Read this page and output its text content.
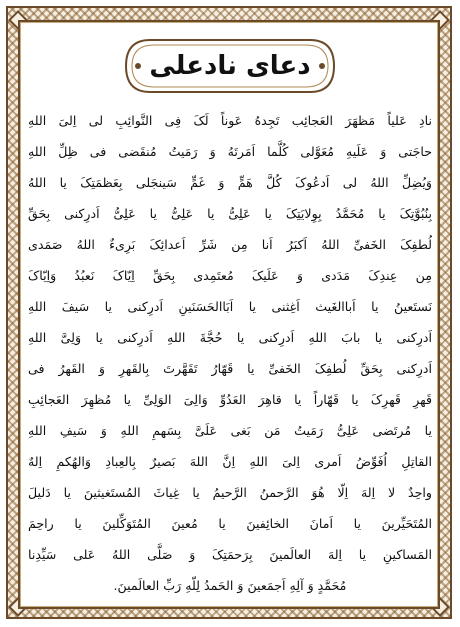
دعای نادعلی
نادِ عَلیاً مَظهَرَ العَجائِب تَجِدهُ عَوناً لَکَ فِی النَّوائِبِ لی اِلیَ اللهِ
حاجَتی وَ عَلَیهِ مُعَوَّلی کُلَّما اَمَرتَهُ وَ رَمَیتُ مُنقَضی فی ظِلِّ اللهِ
وَیُضِلِّ اللهُ لی اَدعُوکَ کُلَّ هَمٍّ وَ غَمٍّ سَینجَلی بِعَظمَتِکَ یا اللهُ
بِنُبُوَّتِکَ یا مُحَمَّدُ بِوِلایَتِکَ یا عَلِیُّ یا عَلِیُّ یا عَلِیُّ اَدرِکنی بِحَقِّ
لُطفِکَ الخَفیِّ اللهُ اَکبَرُ اَنا مِن شَرِّ اَعدائِکَ بَرِیءٌ اللهُ صَمَدی
مِن عِندِکَ مَدَدی وَ عَلَیکَ مُعتَمِدی بِحَقِّ اِیّاکَ نَعبُدُ وَاِیّاکَ
نَستَعینُ یا اَباالغَیث اَغِثنی یا اَبَاالحَسَنَینِ اَدرِکنی یا سَیفَ اللهِ
اَدرِکنی یا بابَ اللهِ اَدرِکنی یا حُجَّةَ اللهِ اَدرِکنی یا وَلِیَّ اللهِ
اَدرِکنی بِحَقِّ لُطفِکَ الخَفیِّ یا قَهّارُ تَقَهَّرتَ بِالقَهرِ وَ القَهرُ فی
قَهرِ قَهرِکَ یا قَهّاراً یا قاهِرَ العَدُوِّ وَالِیَ الوَلِیِّ یا مُظهِرَ العَجائِبِ
یا مُرتَضی عَلِیُّ رَمَیتُ مَن بَغی عَلَیَّ بِسَهمِ اللهِ وَ سَیفِ اللهِ
القاتِلِ اُفَوِّضُ اَمری اِلیَ اللهِ اِنَّ اللهَ بَصیرٌ بِالعِبادِ وَالهُکمِ اِلهٌ
واحِدٌ لا اِلهَ اِلّا هُوَ الرَّحمنُ الرَّحیمُ یا غِیاثَ المُستَغیثینَ یا دَلیلَ
المُتَحَیِّرینَ یا اَمانَ الخائِفینَ یا مُعینَ المُتَوَکِّلینَ یا راحِمَ
المَساکینِ یا اِلهَ العالَمینَ بِرَحمَتِکَ وَ صَلَّی اللهُ عَلی سَیِّدِنا
مُحَمَّدٍ وَ آلِهِ اَجمَعینَ وَ الحَمدُ لِلّهِ رَبِّ العالَمینَ.
